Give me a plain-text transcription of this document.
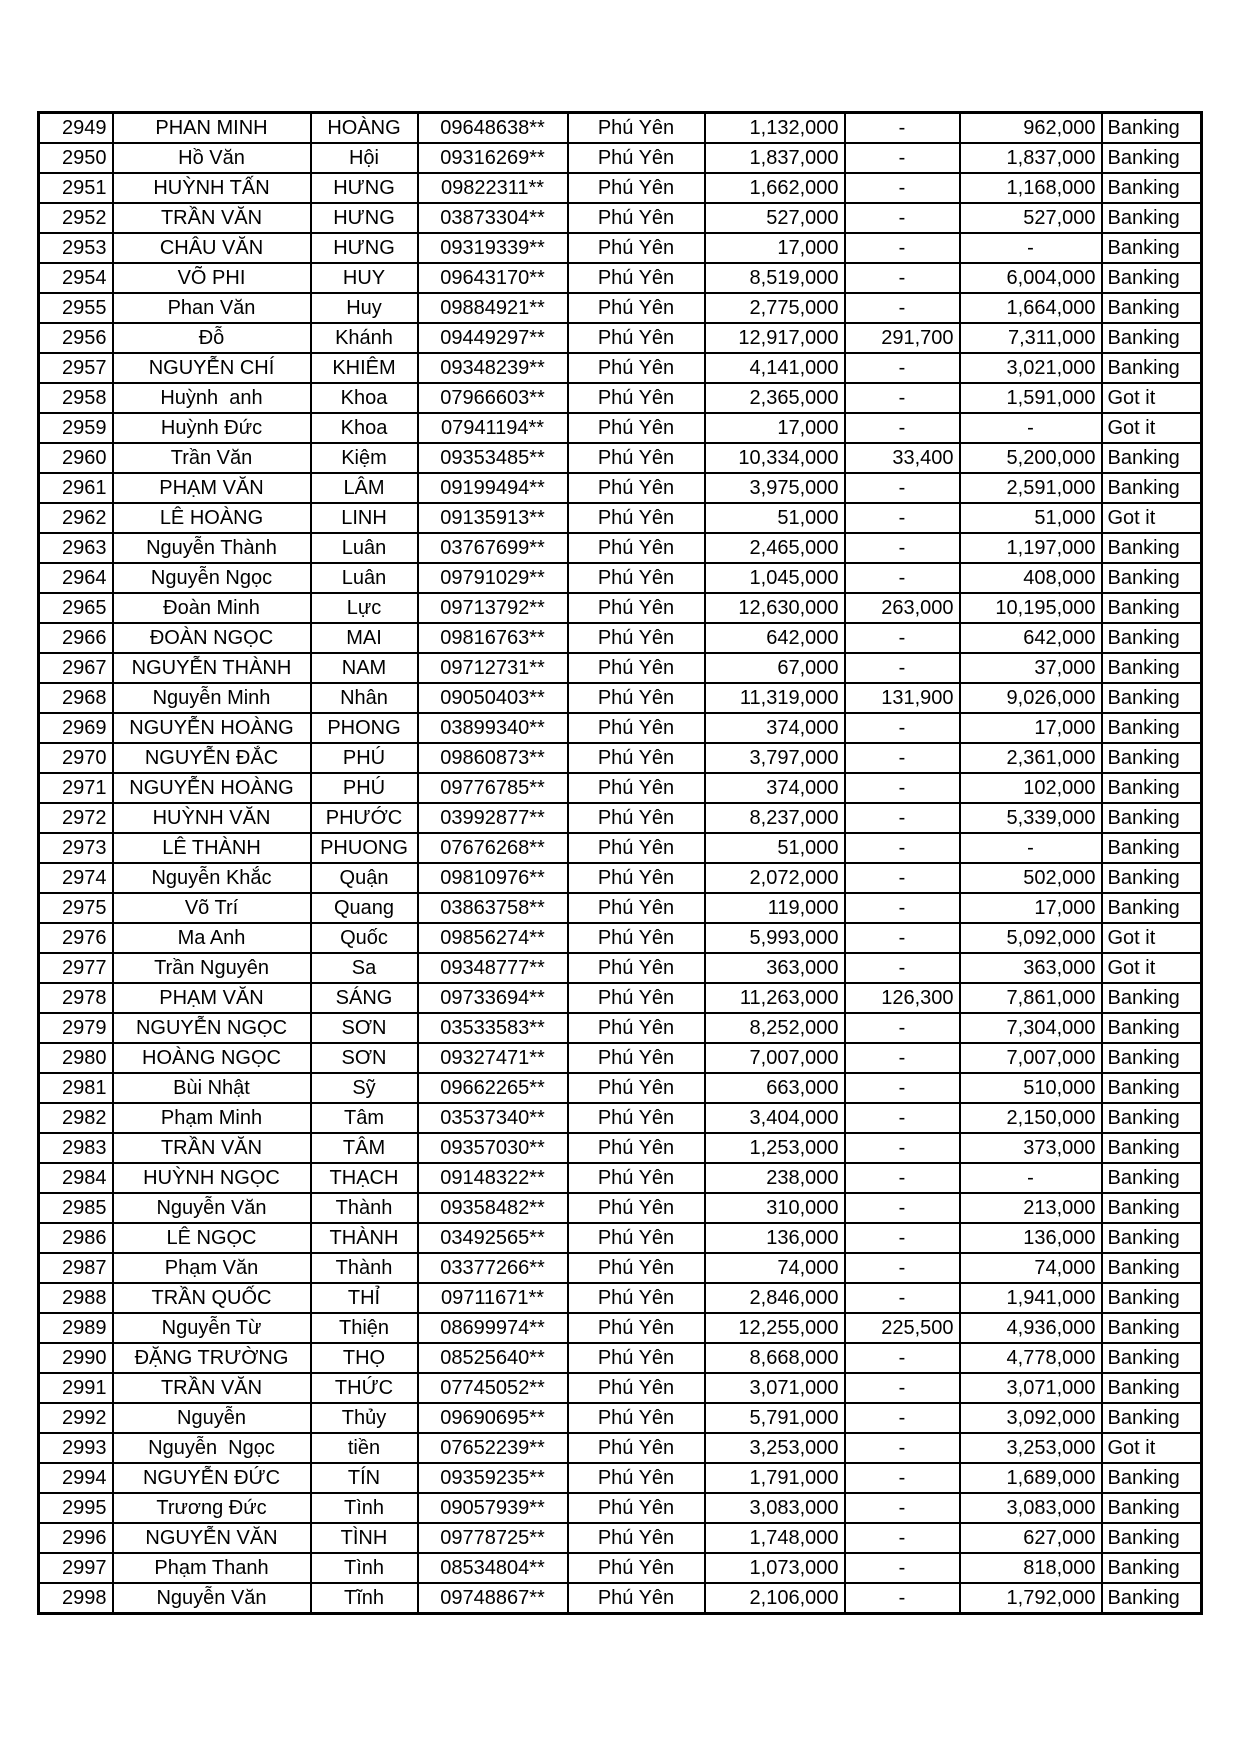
2949	PHAN MINH	HOÀNG	09648638**	Phú Yên	1,132,000	-	962,000	Banking
2950	Hồ Văn	Hội	09316269**	Phú Yên	1,837,000	-	1,837,000	Banking
2951	HUỲNH TẤN	HƯNG	09822311**	Phú Yên	1,662,000	-	1,168,000	Banking
2952	TRẦN VĂN	HƯNG	03873304**	Phú Yên	527,000	-	527,000	Banking
2953	CHÂU VĂN	HƯNG	09319339**	Phú Yên	17,000	-	-	Banking
2954	VÕ PHI	HUY	09643170**	Phú Yên	8,519,000	-	6,004,000	Banking
2955	Phan Văn	Huy	09884921**	Phú Yên	2,775,000	-	1,664,000	Banking
2956	Đỗ	Khánh	09449297**	Phú Yên	12,917,000	291,700	7,311,000	Banking
2957	NGUYỄN CHÍ	KHIÊM	09348239**	Phú Yên	4,141,000	-	3,021,000	Banking
2958	Huỳnh  anh	Khoa	07966603**	Phú Yên	2,365,000	-	1,591,000	Got it
2959	Huỳnh Đức	Khoa	07941194**	Phú Yên	17,000	-	-	Got it
2960	Trần Văn	Kiệm	09353485**	Phú Yên	10,334,000	33,400	5,200,000	Banking
2961	PHẠM VĂN	LÂM	09199494**	Phú Yên	3,975,000	-	2,591,000	Banking
2962	LÊ HOÀNG	LINH	09135913**	Phú Yên	51,000	-	51,000	Got it
2963	Nguyễn Thành	Luân	03767699**	Phú Yên	2,465,000	-	1,197,000	Banking
2964	Nguyễn Ngọc	Luân	09791029**	Phú Yên	1,045,000	-	408,000	Banking
2965	Đoàn Minh	Lực	09713792**	Phú Yên	12,630,000	263,000	10,195,000	Banking
2966	ĐOÀN NGỌC	MAI	09816763**	Phú Yên	642,000	-	642,000	Banking
2967	NGUYỄN THÀNH	NAM	09712731**	Phú Yên	67,000	-	37,000	Banking
2968	Nguyễn Minh	Nhân	09050403**	Phú Yên	11,319,000	131,900	9,026,000	Banking
2969	NGUYỄN HOÀNG	PHONG	03899340**	Phú Yên	374,000	-	17,000	Banking
2970	NGUYỄN ĐẮC	PHÚ	09860873**	Phú Yên	3,797,000	-	2,361,000	Banking
2971	NGUYỄN HOÀNG	PHÚ	09776785**	Phú Yên	374,000	-	102,000	Banking
2972	HUỲNH VĂN	PHƯỚC	03992877**	Phú Yên	8,237,000	-	5,339,000	Banking
2973	LÊ THÀNH	PHUONG	07676268**	Phú Yên	51,000	-	-	Banking
2974	Nguyễn Khắc	Quận	09810976**	Phú Yên	2,072,000	-	502,000	Banking
2975	Võ Trí	Quang	03863758**	Phú Yên	119,000	-	17,000	Banking
2976	Ma Anh	Quốc	09856274**	Phú Yên	5,993,000	-	5,092,000	Got it
2977	Trần Nguyên	Sa	09348777**	Phú Yên	363,000	-	363,000	Got it
2978	PHẠM VĂN	SÁNG	09733694**	Phú Yên	11,263,000	126,300	7,861,000	Banking
2979	NGUYỄN NGỌC	SƠN	03533583**	Phú Yên	8,252,000	-	7,304,000	Banking
2980	HOÀNG NGỌC	SƠN	09327471**	Phú Yên	7,007,000	-	7,007,000	Banking
2981	Bùi Nhật	Sỹ	09662265**	Phú Yên	663,000	-	510,000	Banking
2982	Phạm Minh	Tâm	03537340**	Phú Yên	3,404,000	-	2,150,000	Banking
2983	TRẦN VĂN	TÂM	09357030**	Phú Yên	1,253,000	-	373,000	Banking
2984	HUỲNH NGỌC	THẠCH	09148322**	Phú Yên	238,000	-	-	Banking
2985	Nguyễn Văn	Thành	09358482**	Phú Yên	310,000	-	213,000	Banking
2986	LÊ NGỌC	THÀNH	03492565**	Phú Yên	136,000	-	136,000	Banking
2987	Phạm Văn	Thành	03377266**	Phú Yên	74,000	-	74,000	Banking
2988	TRẦN QUỐC	THỈ	09711671**	Phú Yên	2,846,000	-	1,941,000	Banking
2989	Nguyễn Từ	Thiện	08699974**	Phú Yên	12,255,000	225,500	4,936,000	Banking
2990	ĐẶNG TRƯỜNG	THỌ	08525640**	Phú Yên	8,668,000	-	4,778,000	Banking
2991	TRẦN VĂN	THỨC	07745052**	Phú Yên	3,071,000	-	3,071,000	Banking
2992	Nguyễn	Thủy	09690695**	Phú Yên	5,791,000	-	3,092,000	Banking
2993	Nguyễn  Ngọc	tiền	07652239**	Phú Yên	3,253,000	-	3,253,000	Got it
2994	NGUYỄN ĐỨC	TÍN	09359235**	Phú Yên	1,791,000	-	1,689,000	Banking
2995	Trương Đức	Tình	09057939**	Phú Yên	3,083,000	-	3,083,000	Banking
2996	NGUYỄN VĂN	TÌNH	09778725**	Phú Yên	1,748,000	-	627,000	Banking
2997	Phạm Thanh	Tình	08534804**	Phú Yên	1,073,000	-	818,000	Banking
2998	Nguyễn Văn	Tĩnh	09748867**	Phú Yên	2,106,000	-	1,792,000	Banking
